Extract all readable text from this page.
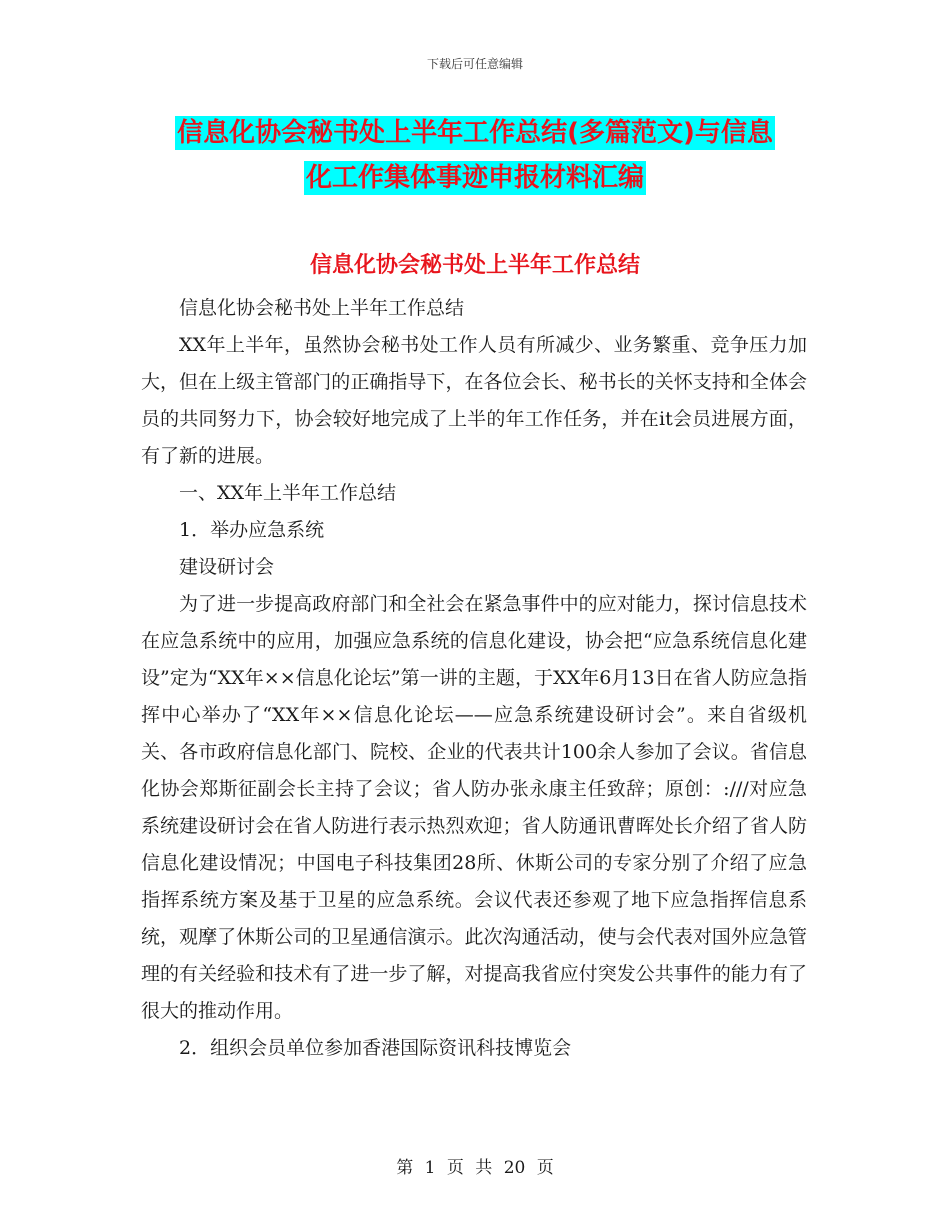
下载后可任意编辑
信息化协会秘书处上半年工作总结(多篇范文)与信息
化工作集体事迹申报材料汇编
信息化协会秘书处上半年工作总结

信息化协会秘书处上半年工作总结

XX年上半年，虽然协会秘书处工作人员有所减少、业务繁重、竞争压力加大，但在上级主管部门的正确指导下，在各位会长、秘书长的关怀支持和全体会员的共同努力下，协会较好地完成了上半的年工作任务，并在it会员进展方面，有了新的进展。

一、XX年上半年工作总结

1．举办应急系统

建设研讨会

为了进一步提高政府部门和全社会在紧急事件中的应对能力，探讨信息技术在应急系统中的应用，加强应急系统的信息化建设，协会把“应急系统信息化建设”定为“XX年××信息化论坛”第一讲的主题，于XX年6月13日在省人防应急指挥中心举办了“XX年××信息化论坛——应急系统建设研讨会”。来自省级机关、各市政府信息化部门、院校、企业的代表共计100余人参加了会议。省信息化协会郑斯征副会长主持了会议；省人防办张永康主任致辞；原创：:///对应急系统建设研讨会在省人防进行表示热烈欢迎；省人防通讯曹晖处长介绍了省人防信息化建设情况；中国电子科技集团28所、休斯公司的专家分别了介绍了应急指挥系统方案及基于卫星的应急系统。会议代表还参观了地下应急指挥信息系统，观摩了休斯公司的卫星通信演示。此次沟通活动，使与会代表对国外应急管理的有关经验和技术有了进一步了解，对提高我省应付突发公共事件的能力有了很大的推动作用。

2．组织会员单位参加香港国际资讯科技博览会

第 1 页 共 20 页
